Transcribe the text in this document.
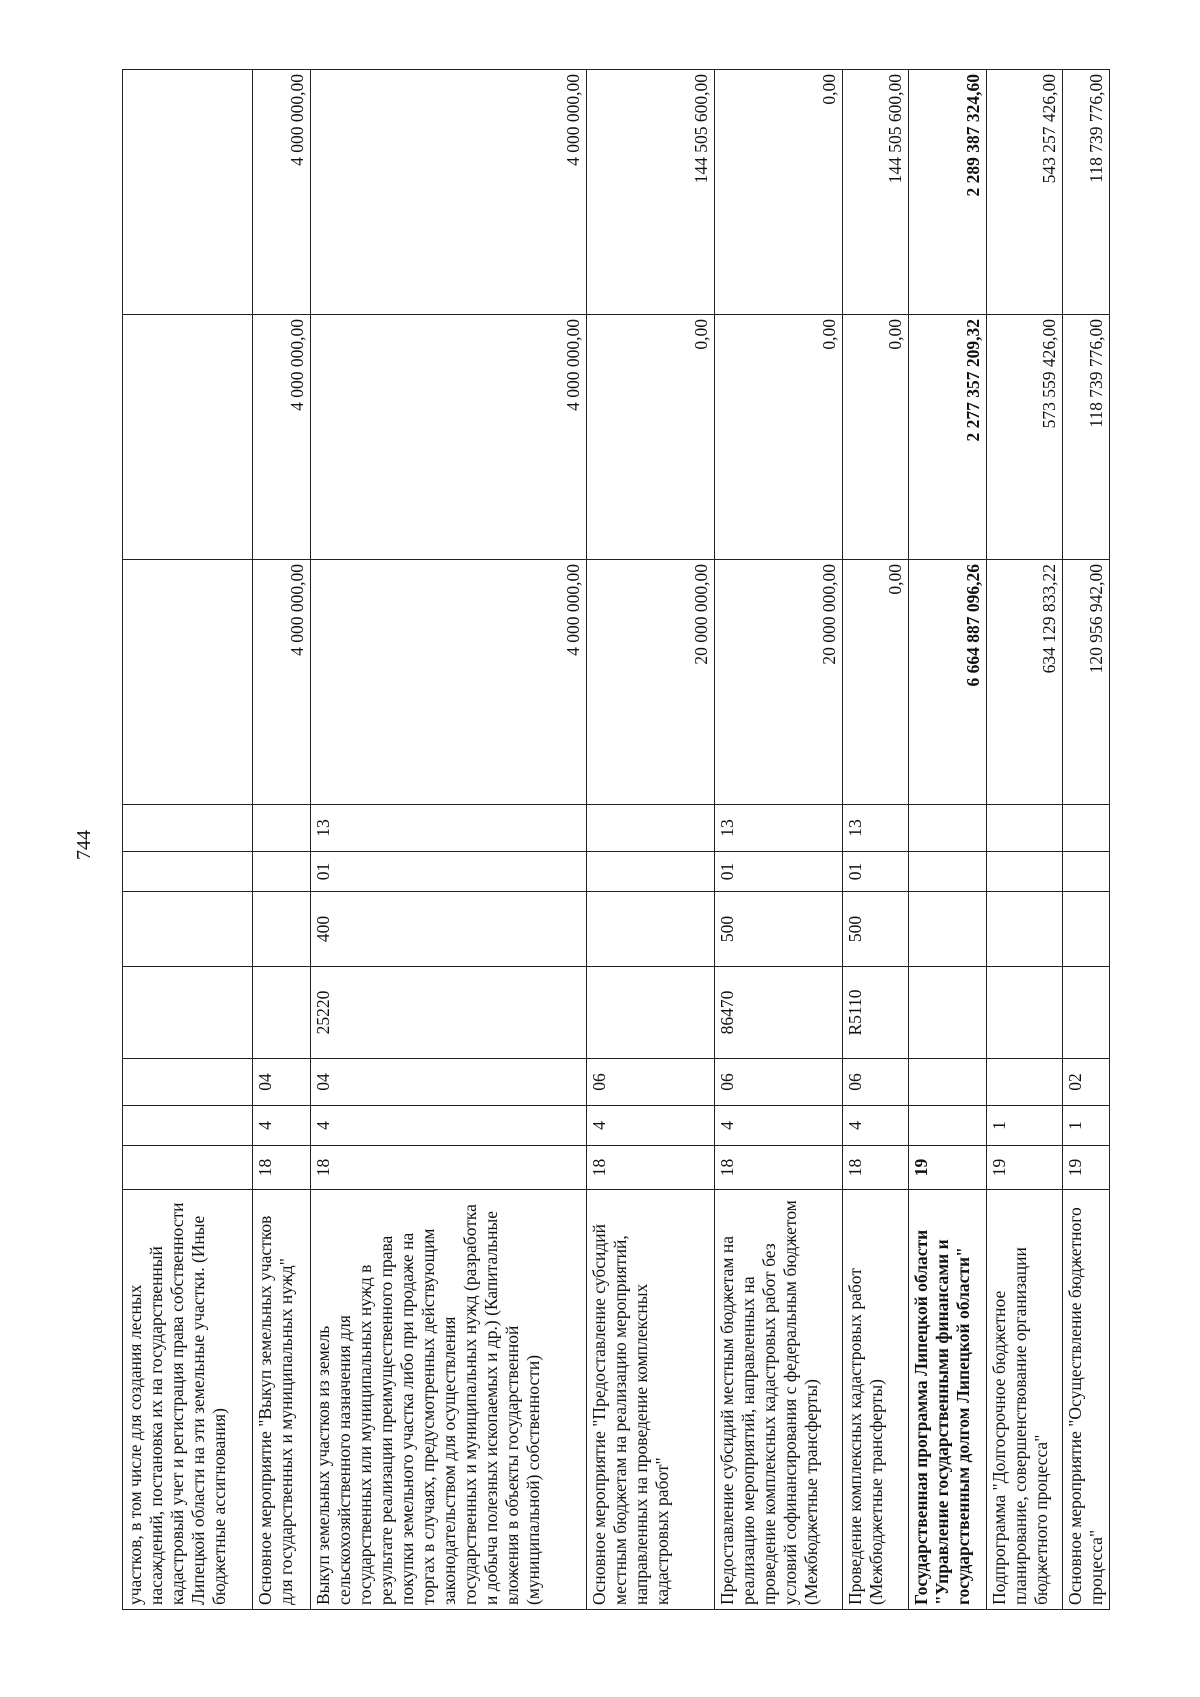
744
участков, в том числе для создания лесных насаждений, постановка их на государственный кадастровый учет и регистрация права собственности Липецкой области на эти земельные участки. (Иные бюджетные ассигнования)										
Основное мероприятие "Выкуп земельных участков для государственных и муниципальных нужд"	18	4	04					4 000 000,00	4 000 000,00	4 000 000,00
Выкуп земельных участков из земель сельскохозяйственного назначения для государственных или муниципальных нужд в результате реализации преимущественного права покупки земельного участка либо при продаже на торгах в случаях, предусмотренных действующим законодательством для осуществления государственных и муниципальных нужд (разработка и добыча полезных ископаемых и др.) (Капитальные вложения в объекты государственной (муниципальной) собственности)	18	4	04	25220	400	01	13	4 000 000,00	4 000 000,00	4 000 000,00
Основное мероприятие "Предоставление субсидий местным бюджетам на реализацию мероприятий, направленных на проведение комплексных кадастровых работ"	18	4	06					20 000 000,00	0,00	144 505 600,00
Предоставление субсидий местным бюджетам на реализацию мероприятий, направленных на проведение комплексных кадастровых работ без условий софинансирования с федеральным бюджетом (Межбюджетные трансферты)	18	4	06	86470	500	01	13	20 000 000,00	0,00	0,00
Проведение комплексных кадастровых работ (Межбюджетные трансферты)	18	4	06	R5110	500	01	13	0,00	0,00	144 505 600,00
Государственная программа Липецкой области "Управление государственными финансами и государственным долгом Липецкой области"	19							6 664 887 096,26	2 277 357 209,32	2 289 387 324,60
Подпрограмма "Долгосрочное бюджетное планирование, совершенствование организации бюджетного процесса"	19	1						634 129 833,22	573 559 426,00	543 257 426,00
Основное мероприятие "Осуществление бюджетного процесса"	19	1	02					120 956 942,00	118 739 776,00	118 739 776,00
